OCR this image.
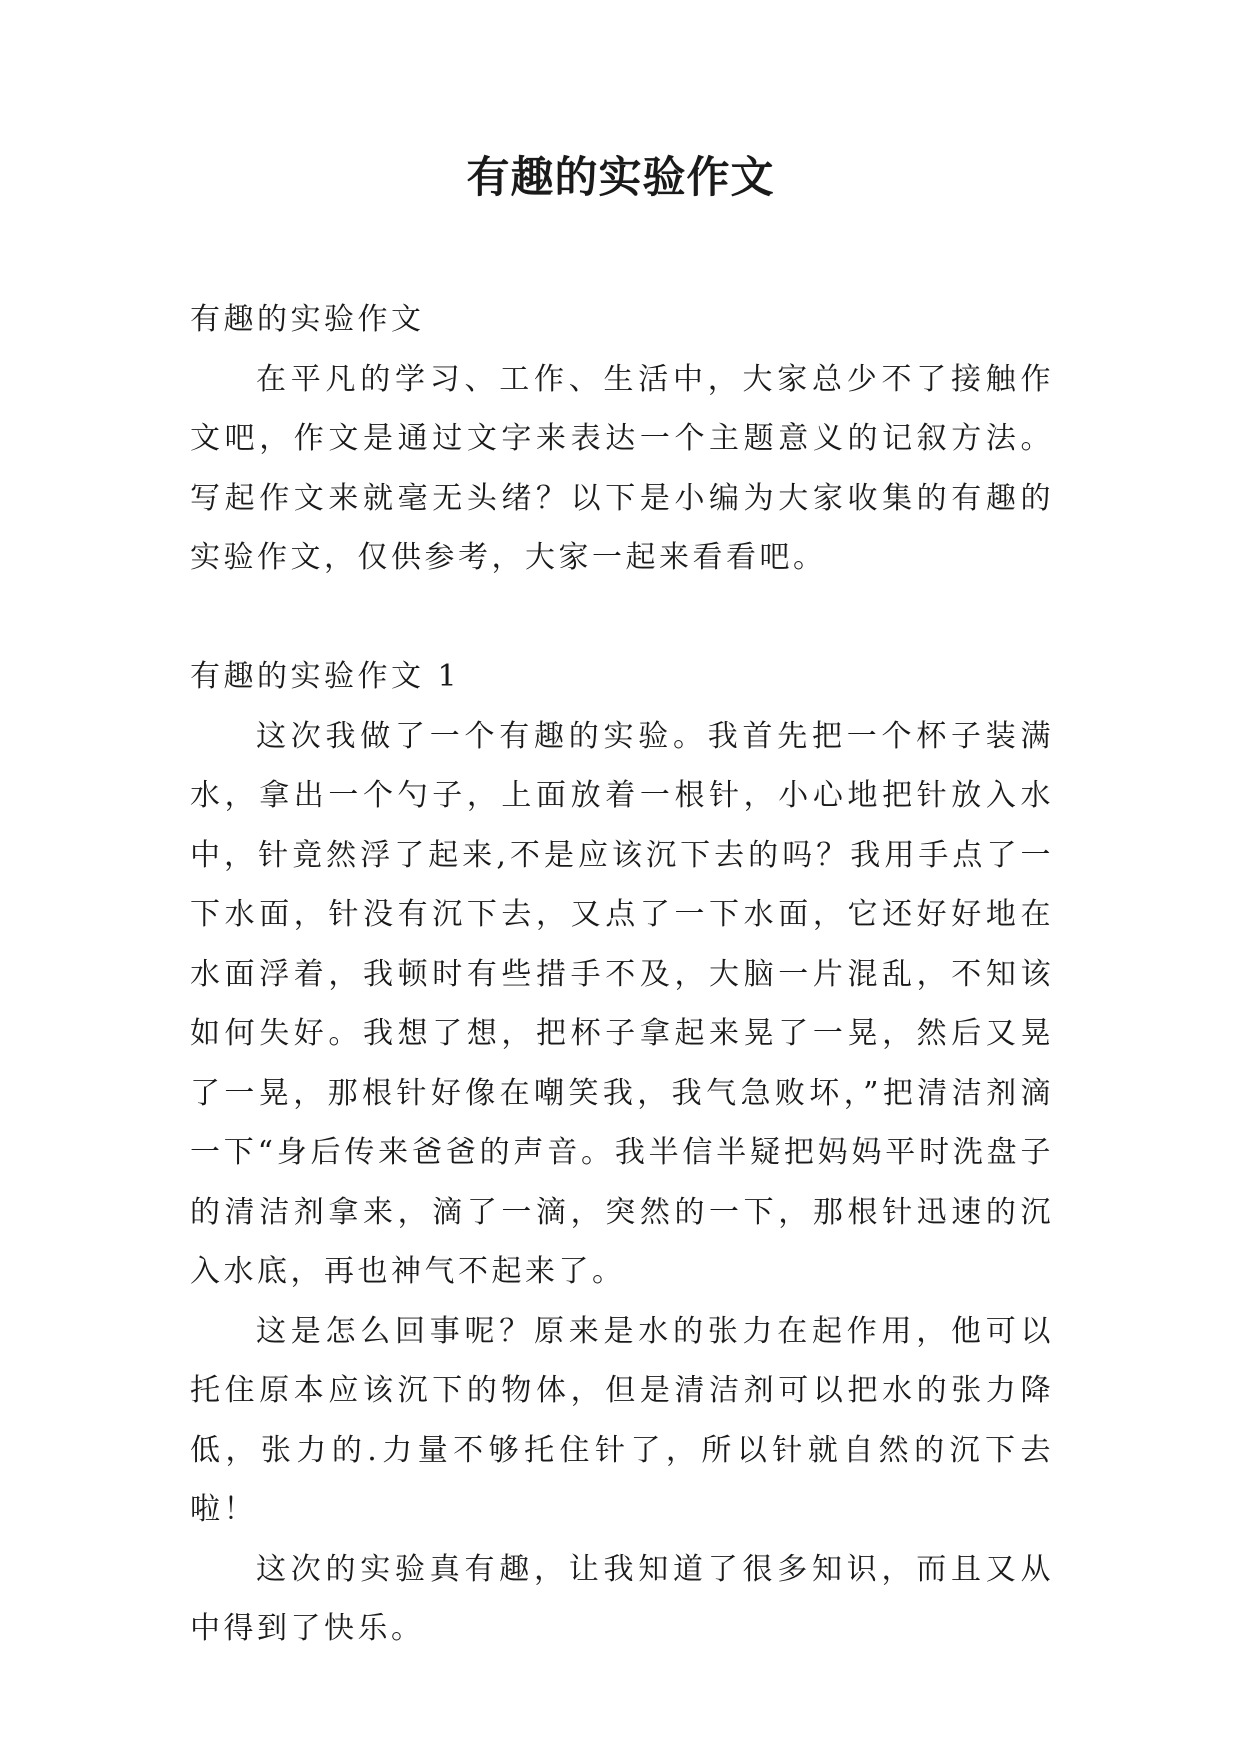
有趣的实验作文

有趣的实验作文

在平凡的学习、工作、生活中，大家总少不了接触作文吧，作文是通过文字来表达一个主题意义的记叙方法。写起作文来就毫无头绪？以下是小编为大家收集的有趣的实验作文，仅供参考，大家一起来看看吧。

有趣的实验作文 1

这次我做了一个有趣的实验。我首先把一个杯子装满水，拿出一个勺子，上面放着一根针，小心地把针放入水中，针竟然浮了起来,不是应该沉下去的吗？我用手点了一下水面，针没有沉下去，又点了一下水面，它还好好地在水面浮着，我顿时有些措手不及，大脑一片混乱，不知该如何失好。我想了想，把杯子拿起来晃了一晃，然后又晃了一晃，那根针好像在嘲笑我，我气急败坏，”把清洁剂滴一下“身后传来爸爸的声音。我半信半疑把妈妈平时洗盘子的清洁剂拿来，滴了一滴，突然的一下，那根针迅速的沉入水底，再也神气不起来了。

这是怎么回事呢？原来是水的张力在起作用，他可以托住原本应该沉下的物体，但是清洁剂可以把水的张力降低，张力的.力量不够托住针了，所以针就自然的沉下去啦！

这次的实验真有趣，让我知道了很多知识，而且又从中得到了快乐。
